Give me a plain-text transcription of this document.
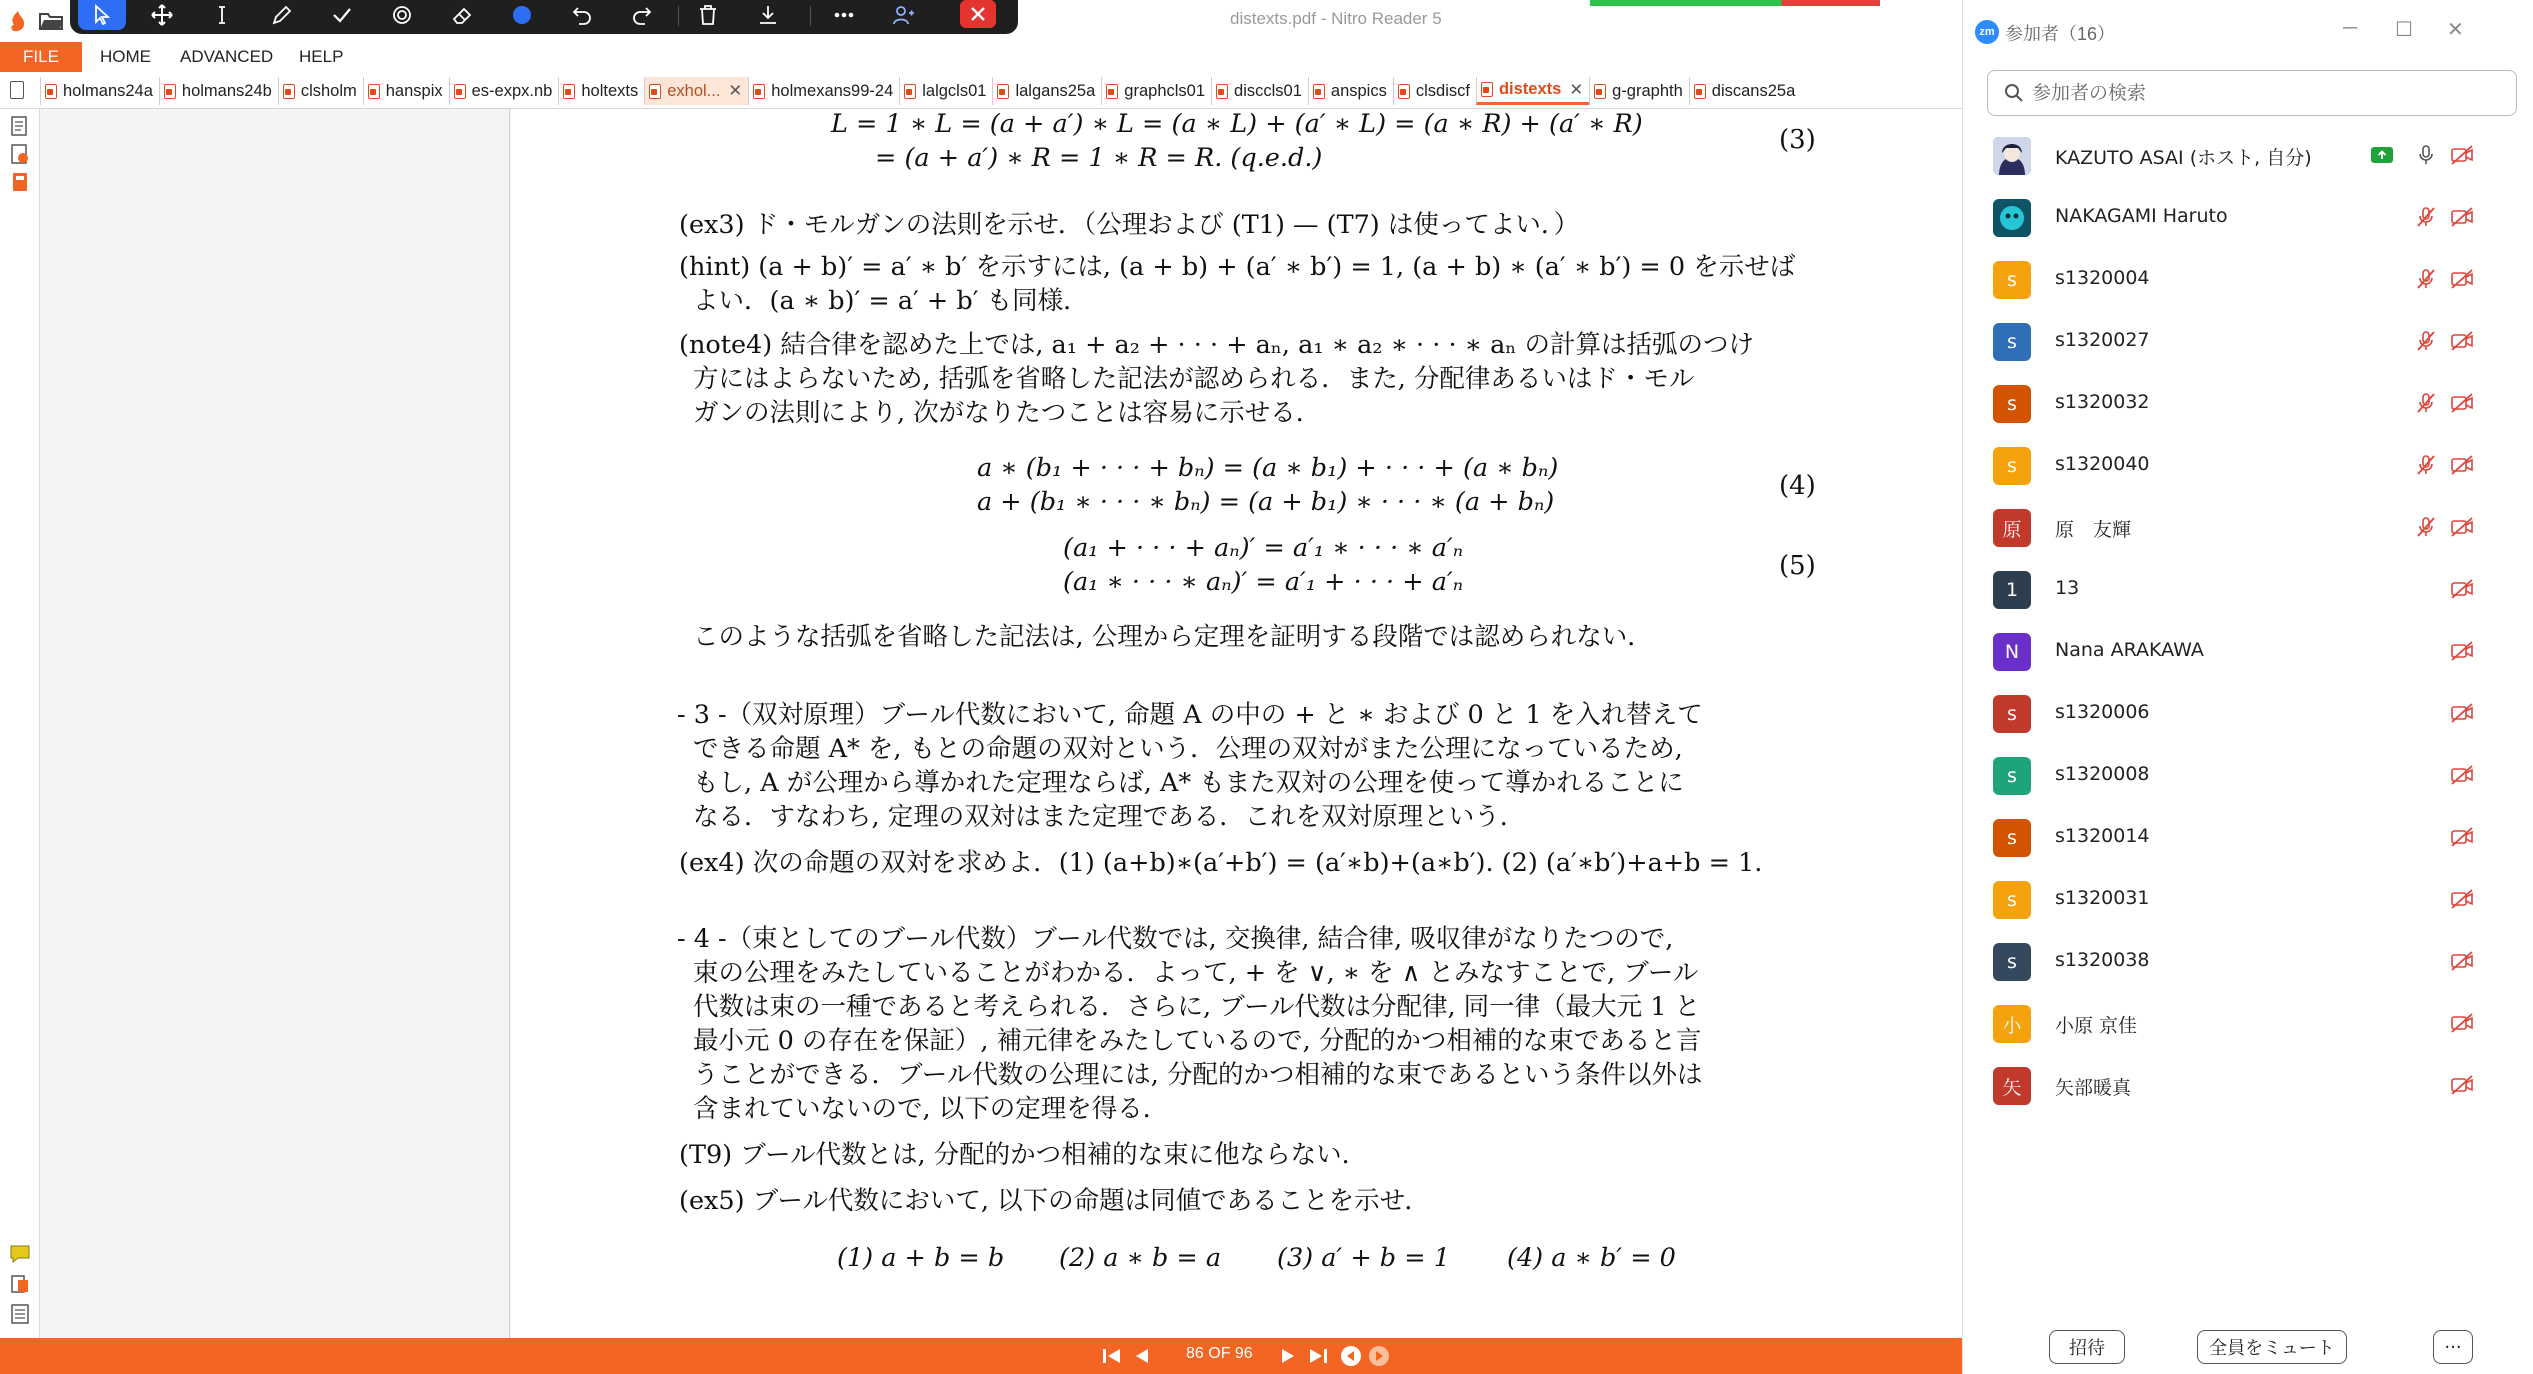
distexts.pdf - Nitro Reader 5
FILE	HOME ADVANCED HELP
holmans24a holmans24b clsholm hanspix es-expx.nb holtexts exhol... ✕ holmexans99-24 lalgcls01 lalgans25a graphcls01 disccls01 anspics clsdiscf distexts ✕ g-graphth discans25a
L = 1 ∗ L = (a + a′) ∗ L = (a ∗ L) + (a′ ∗ L) = (a ∗ R) + (a′ ∗ R)
= (a + a′) ∗ R = 1 ∗ R = R. (q.e.d.)
(3)
(ex3) ド・モルガンの法則を示せ．（公理および (T1) — (T7) は使ってよい．）
(hint) (a + b)′ = a′ ∗ b′ を示すには, (a + b) + (a′ ∗ b′) = 1, (a + b) ∗ (a′ ∗ b′) = 0 を示せば
よい．(a ∗ b)′ = a′ + b′ も同様．
(note4) 結合律を認めた上では, a₁ + a₂ + · · · + aₙ, a₁ ∗ a₂ ∗ · · · ∗ aₙ の計算は括弧のつけ
方にはよらないため, 括弧を省略した記法が認められる．また, 分配律あるいはド・モル
ガンの法則により, 次がなりたつことは容易に示せる．
a ∗ (b₁ + · · · + bₙ) = (a ∗ b₁) + · · · + (a ∗ bₙ)
a + (b₁ ∗ · · · ∗ bₙ) = (a + b₁) ∗ · · · ∗ (a + bₙ)
(4)
(a₁ + · · · + aₙ)′ = a′₁ ∗ · · · ∗ a′ₙ
(a₁ ∗ · · · ∗ aₙ)′ = a′₁ + · · · + a′ₙ
(5)
このような括弧を省略した記法は, 公理から定理を証明する段階では認められない．
- 3 -（双対原理）ブール代数において, 命題 A の中の + と ∗ および 0 と 1 を入れ替えて
できる命題 A* を, もとの命題の双対という．公理の双対がまた公理になっているため,
もし, A が公理から導かれた定理ならば, A* もまた双対の公理を使って導かれることに
なる．すなわち, 定理の双対はまた定理である．これを双対原理という．
(ex4) 次の命題の双対を求めよ．(1) (a+b)∗(a′+b′) = (a′∗b)+(a∗b′). (2) (a′∗b′)+a+b = 1.
- 4 -（束としてのブール代数）ブール代数では, 交換律, 結合律, 吸収律がなりたつので,
束の公理をみたしていることがわかる．よって, + を ∨, ∗ を ∧ とみなすことで, ブール
代数は束の一種であると考えられる．さらに, ブール代数は分配律, 同一律（最大元 1 と
最小元 0 の存在を保証）, 補元律をみたしているので, 分配的かつ相補的な束であると言
うことができる．ブール代数の公理には, 分配的かつ相補的な束であるという条件以外は
含まれていないので, 以下の定理を得る．
(T9) ブール代数とは, 分配的かつ相補的な束に他ならない．
(ex5) ブール代数において, 以下の命題は同値であることを示せ．
(1) a + b = b (2) a ∗ b = a (3) a′ + b = 1 (4) a ∗ b′ = 0
86 OF 96
zm 参加者（16）	─ ☐ ✕
参加者の検索
KAZUTO ASAI (ホスト, 自分)
NAKAGAMI Haruto
s	s1320004
s	s1320027
s	s1320032
s	s1320040
原	原　友輝
1	13
N	Nana ARAKAWA
s	s1320006
s	s1320008
s	s1320014
s	s1320031
s	s1320038
小	小原 京佳
矢	矢部暖真
招待	全員をミュート	···
